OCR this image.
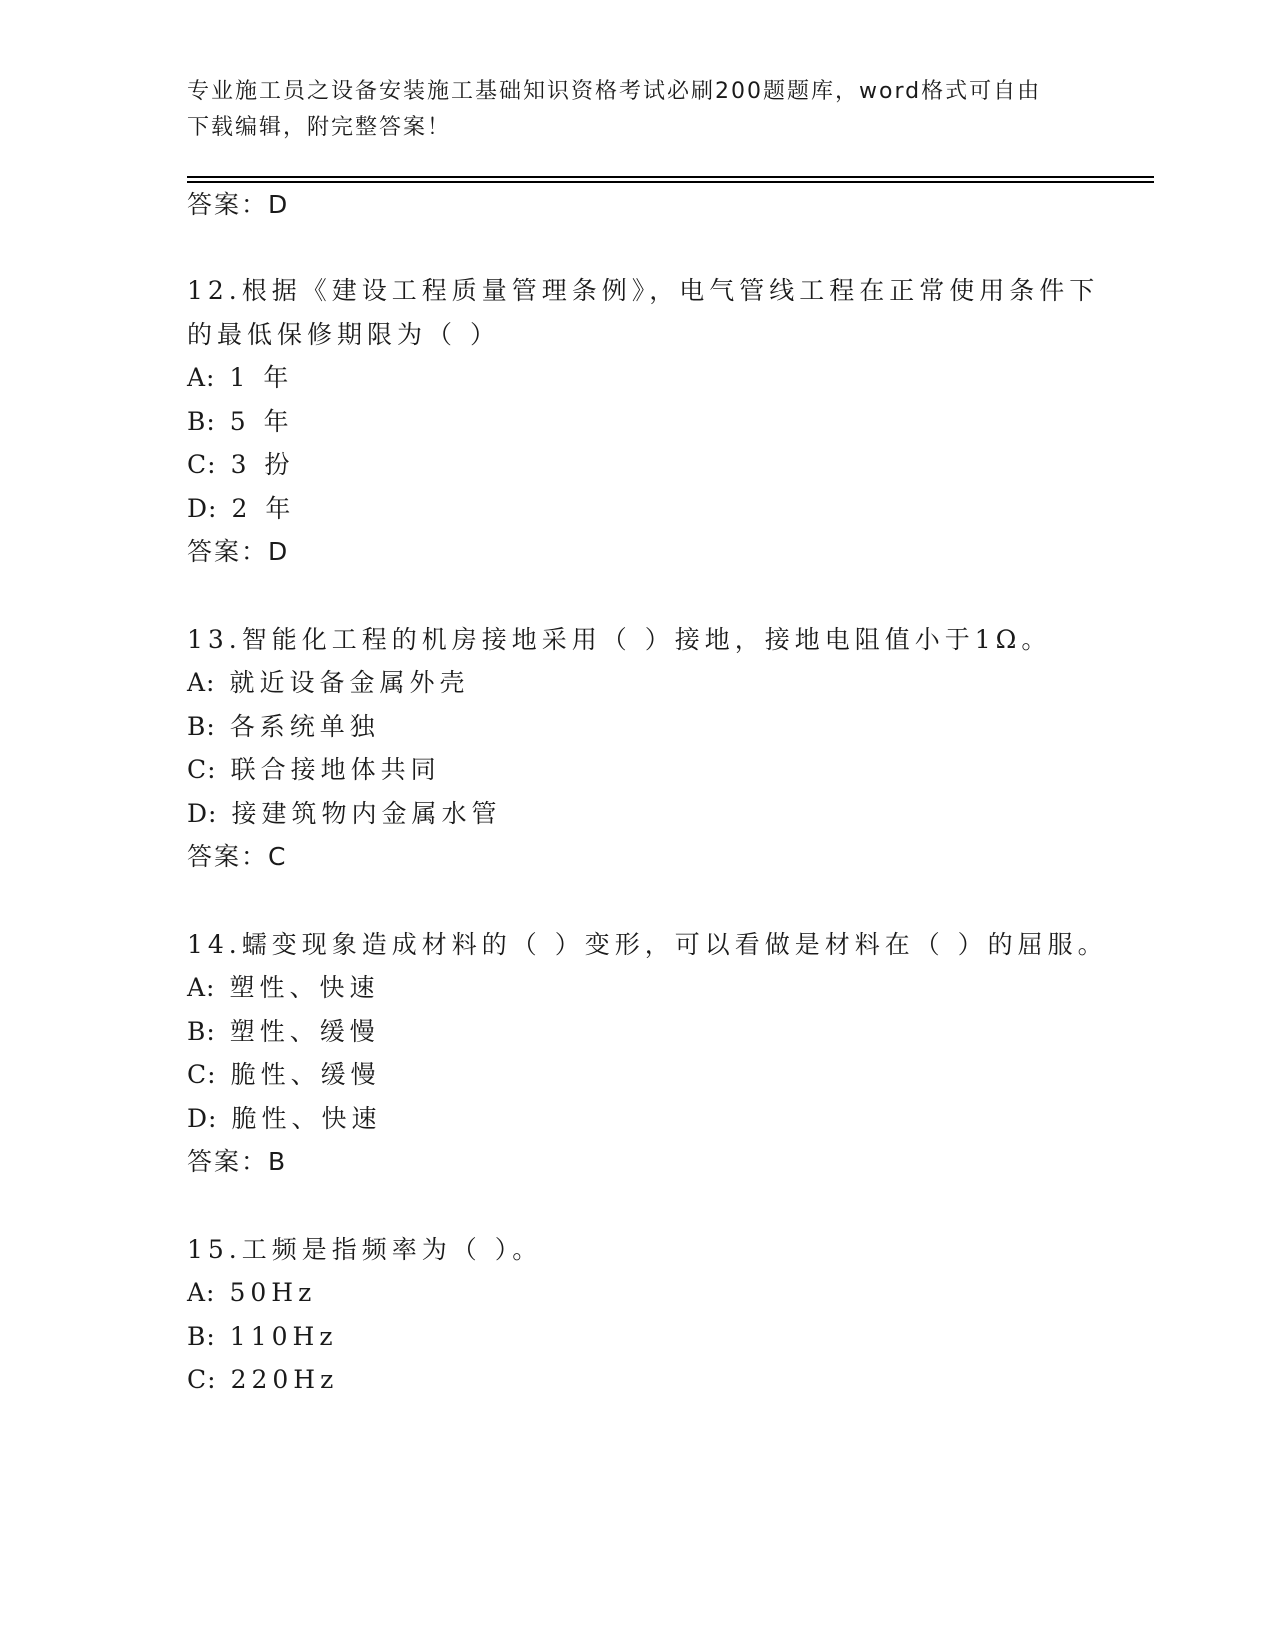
专业施工员之设备安装施工基础知识资格考试必刷200题题库，word格式可自由
下载编辑，附完整答案！
答案：D
12.根据《建设工程质量管理条例》，电气管线工程在正常使用条件下
的最低保修期限为（ ）
A: 1 年
B: 5 年
C: 3 扮
D: 2 年
答案：D
13.智能化工程的机房接地采用（ ）接地，接地电阻值小于1Ω。
A: 就近设备金属外壳
B: 各系统单独
C: 联合接地体共同
D: 接建筑物内金属水管
答案：C
14.蠕变现象造成材料的（ ）变形，可以看做是材料在（ ）的屈服。
A: 塑性、快速
B: 塑性、缓慢
C: 脆性、缓慢
D: 脆性、快速
答案：B
15.工频是指频率为（ ）。
A: 50Hz
B: 110Hz
C: 220Hz
